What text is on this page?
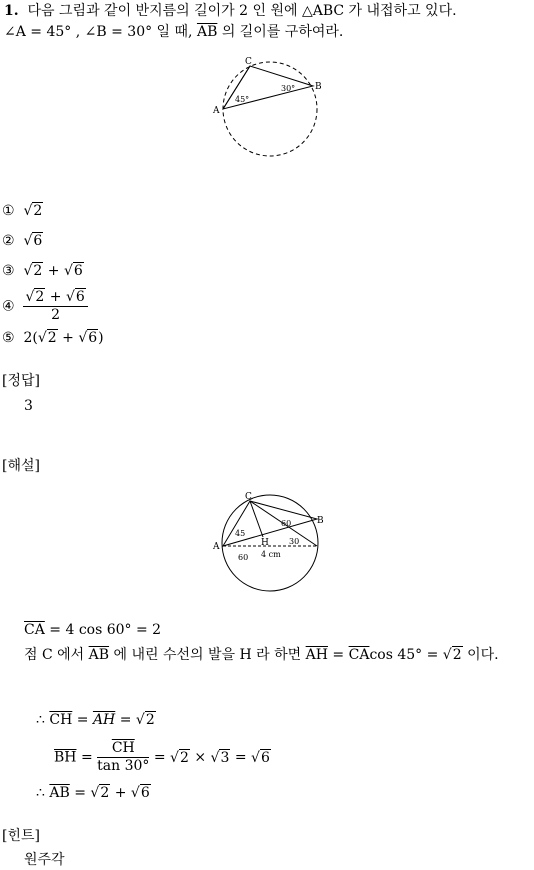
1. 다음 그림과 같이 반지름의 길이가 2 인 원에 △ABC 가 내접하고 있다.
∠A = 45° , ∠B = 30° 일 때, $\overline{AB}$ 의 길이를 구하여라.
C
B
A
45°
30°
① √2
② √6
③ √2 + √6
④ $\frac{√2 + √6}{2}$
⑤ 2(√2 + √6)
[정답]
3
[해설]
C
B
A	H
45
60
30
60 4 cm
$\overline{CA} = 4$ cos 60° = 2
점 C 에서 $\overline{AB}$ 에 내린 수선의 발을 H 라 하면 $\overline{AH} = \overline{CA}\cos$ 45° = √2 이다.
∴ $\overline{CH} = \overline{AH} = √2$
$\overline{BH} = \frac{\overline{CH}}{\tan 30^\circ} = √2 \times √3 = √6$
∴ $\overline{AB} = √2 + √6$
[힌트]
원주각
